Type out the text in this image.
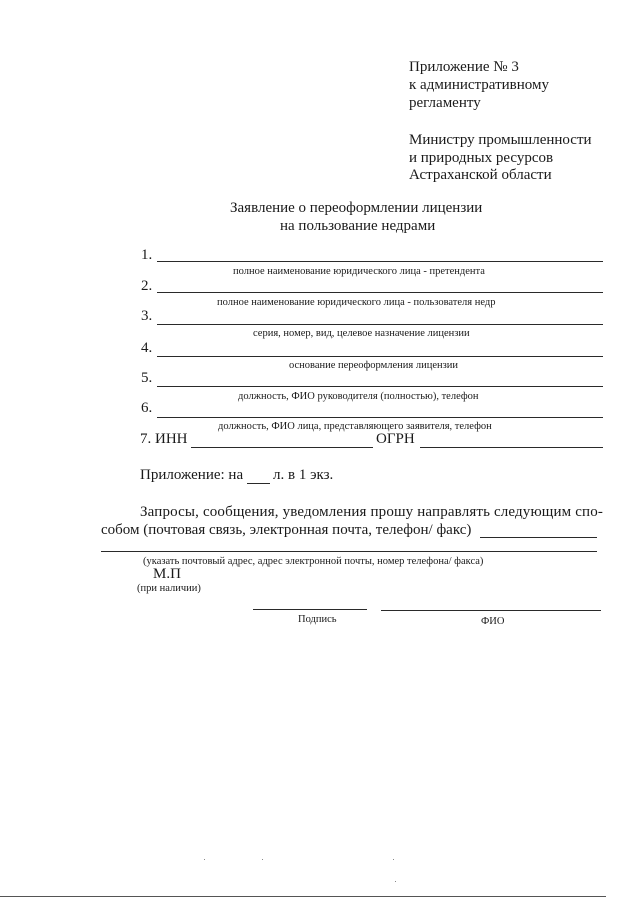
Приложение № 3
к административному
регламенту
Министру промышленности
и природных ресурсов
Астраханской области
Заявление о переоформлении лицензии
на пользование недрами
1.
полное наименование юридического лица - претендента
2.
полное наименование юридического лица - пользователя недр
3.
серия, номер, вид, целевое назначение лицензии
4.
основание переоформления лицензии
5.
должность, ФИО руководителя (полностью), телефон
6.
должность, ФИО лица, представляющего заявителя, телефон
7. ИНН	ОГРН
Приложение: на л. в 1 экз.
Запросы, сообщения, уведомления прошу направлять следующим спо-
собом (почтовая связь, электронная почта, телефон/ факс)
(указать почтовый адрес, адрес электронной почты, номер телефона/ факса)
М.П
(при наличии)
Подпись	ФИО
